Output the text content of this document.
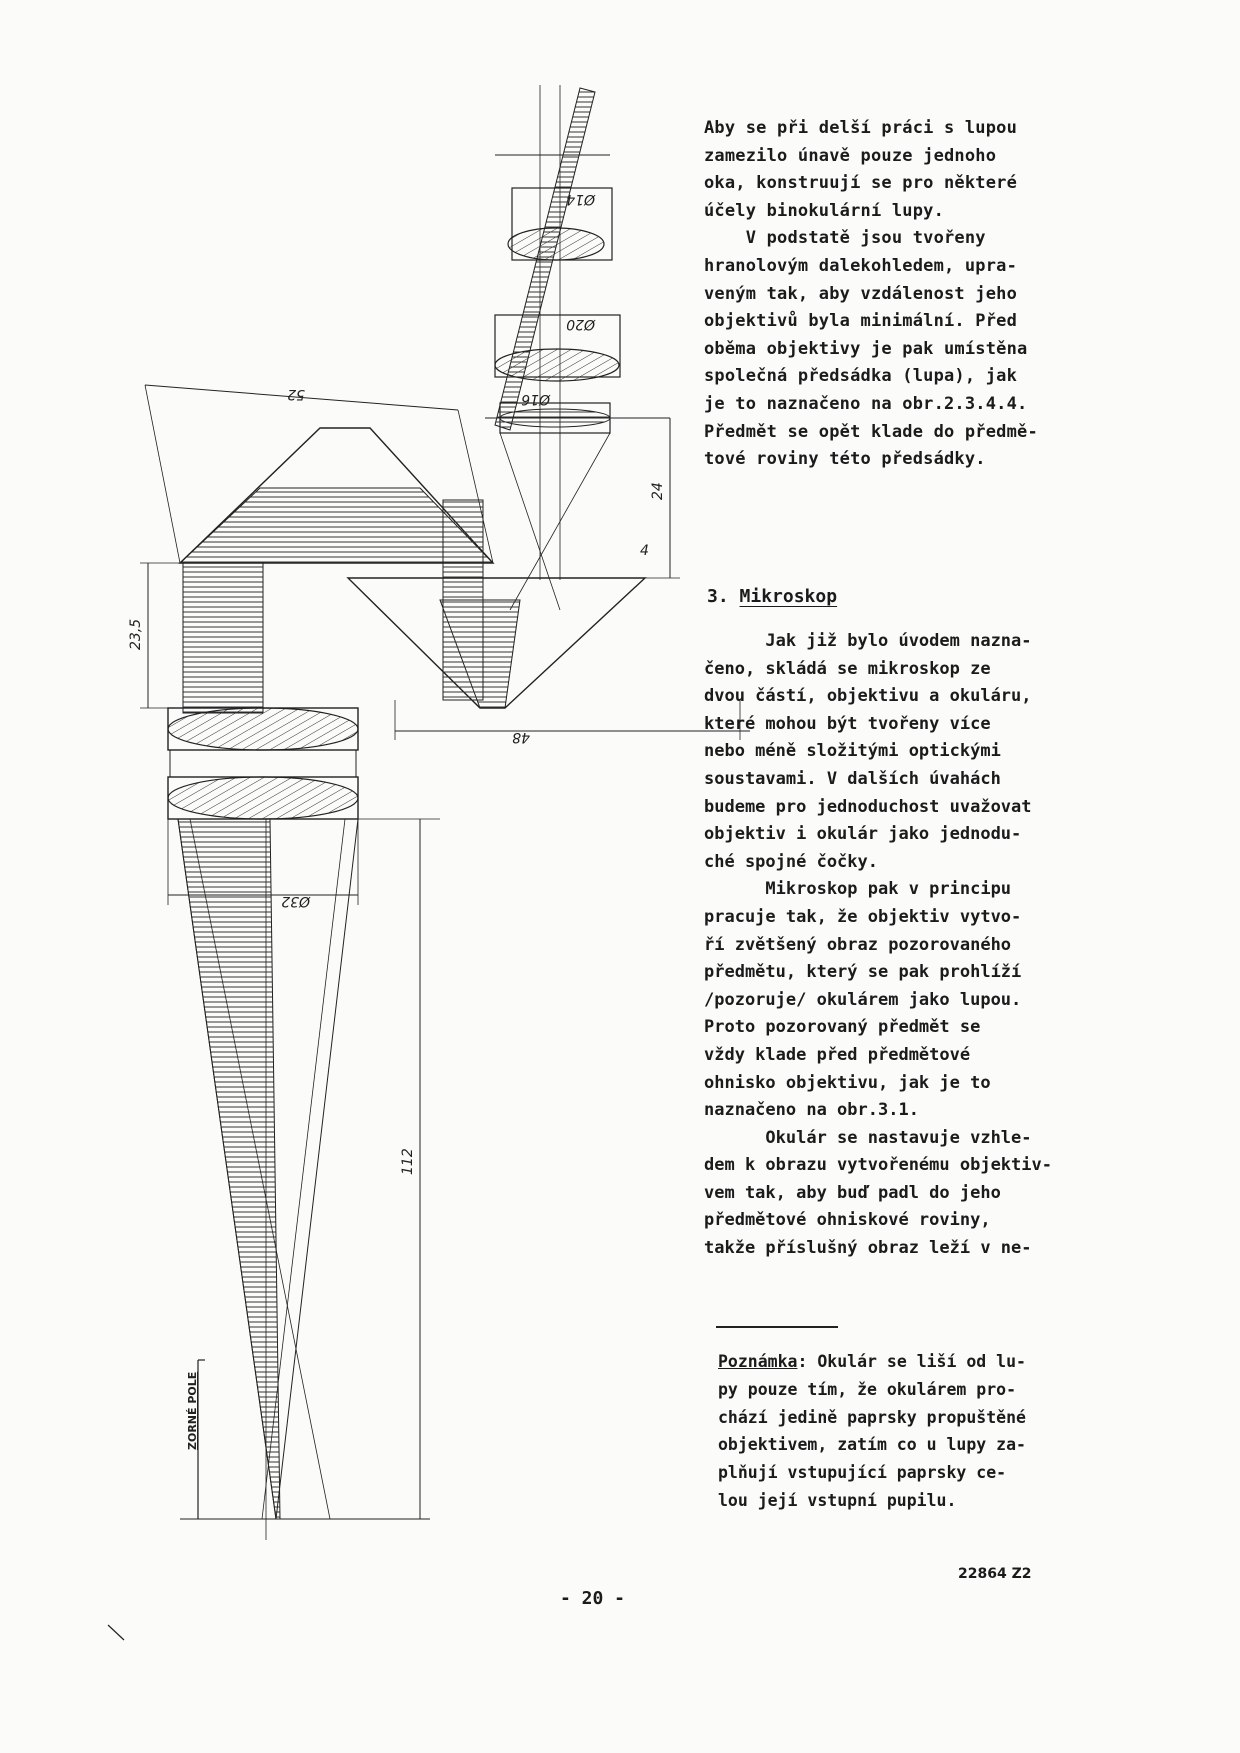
52
24
23,5
48
112
Ø32
Ø20
Ø14
Ø16
4
ZORNÉ POLE

Aby se při delší práci s lupou

zamezilo únavě pouze jednoho

oka, konstruují se pro některé

účely binokulární lupy.

V podstatě jsou tvořeny

hranolovým dalekohledem, upra-

veným tak, aby vzdálenost jeho

objektivů byla minimální. Před

oběma objektivy je pak umístěna

společná předsádka (lupa), jak

je to naznačeno na obr.2.3.4.4.

Předmět se opět klade do předmě-

tové roviny této předsádky.

3. Mikroskop

Jak již bylo úvodem nazna-

čeno, skládá se mikroskop ze

dvou částí, objektivu a okuláru,

které mohou být tvořeny více

nebo méně složitými optickými

soustavami. V dalších úvahách

budeme pro jednoduchost uvažovat

objektiv i okulár jako jednodu-

ché spojné čočky.

Mikroskop pak v principu

pracuje tak, že objektiv vytvo-

ří zvětšený obraz pozorovaného

předmětu, který se pak prohlíží

/pozoruje/ okulárem jako lupou.

Proto pozorovaný předmět se

vždy klade před předmětové

ohnisko objektivu, jak je to

naznačeno na obr.3.1.

Okulár se nastavuje vzhle-

dem k obrazu vytvořenému objektiv-

vem tak, aby buď padl do jeho

předmětové ohniskové roviny,

takže příslušný obraz leží v ne-

Poznámka: Okulár se liší od lu-

py pouze tím, že okulárem pro-

chází jedině paprsky propuštěné

objektivem, zatím co u lupy za-

plňují vstupující paprsky ce-

lou její vstupní pupilu.

22864 Z2
- 20 -
